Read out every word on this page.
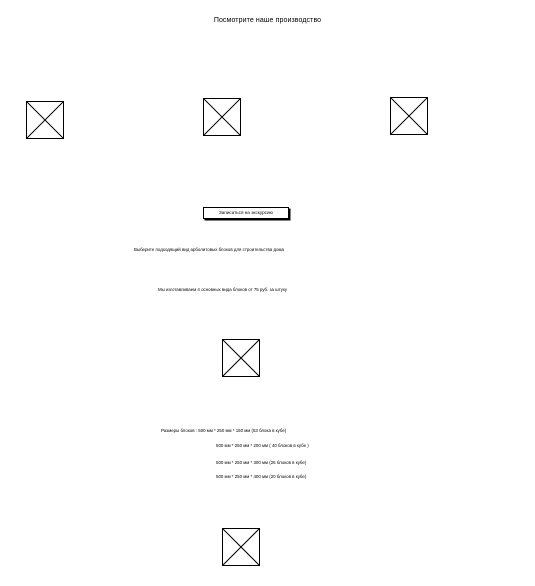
Посмотрите наше производство
Записаться на экскурсию
Выберите подходящий вид арболитовых блоков для строительства дома
Мы изготавливаем 4 основных вида блоков от 75 руб. за штуку
Размеры блоков : 500 мм * 250 мм * 150 мм (53 блока в кубе)
500 мм * 250 мм * 200 мм ( 40 блоков в кубе )
500 мм * 250 мм * 300 мм (26 блоков в кубе)
500 мм * 250 мм * 400 мм (20 блоков в кубе)
